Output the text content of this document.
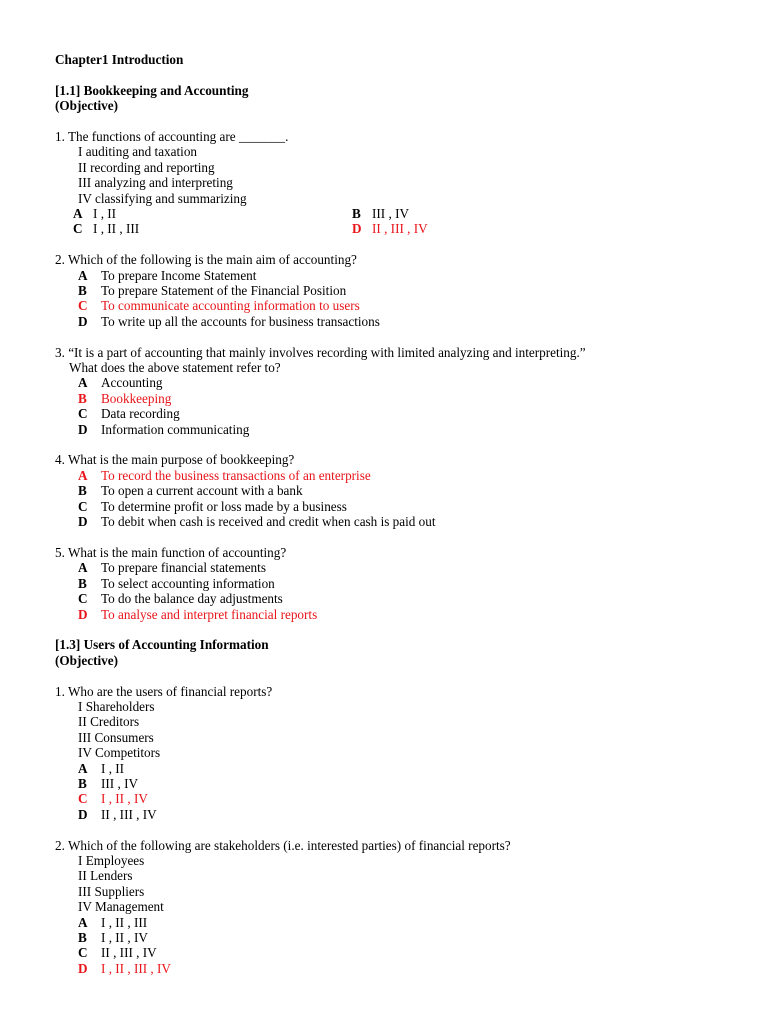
Chapter1 Introduction
[1.1] Bookkeeping and Accounting
(Objective)
1. The functions of accounting are _______.
I auditing and taxation
II recording and reporting
III analyzing and interpreting
IV classifying and summarizing
A I , II	B III , IV
C I , II , III	D II , III , IV
2. Which of the following is the main aim of accounting?
A	To prepare Income Statement
B	To prepare Statement of the Financial Position
C	To communicate accounting information to users
D	To write up all the accounts for business transactions
3. “It is a part of accounting that mainly involves recording with limited analyzing and interpreting.”
What does the above statement refer to?
A	Accounting
B	Bookkeeping
C	Data recording
D	Information communicating
4. What is the main purpose of bookkeeping?
A	To record the business transactions of an enterprise
B	To open a current account with a bank
C	To determine profit or loss made by a business
D	To debit when cash is received and credit when cash is paid out
5. What is the main function of accounting?
A	To prepare financial statements
B	To select accounting information
C	To do the balance day adjustments
D	To analyse and interpret financial reports
[1.3] Users of Accounting Information
(Objective)
1. Who are the users of financial reports?
I Shareholders
II Creditors
III Consumers
IV Competitors
A	I , II
B	III , IV
C	I , II , IV
D	II , III , IV
2. Which of the following are stakeholders (i.e. interested parties) of financial reports?
I Employees
II Lenders
III Suppliers
IV Management
A	I , II , III
B	I , II , IV
C	II , III , IV
D	I , II , III , IV
